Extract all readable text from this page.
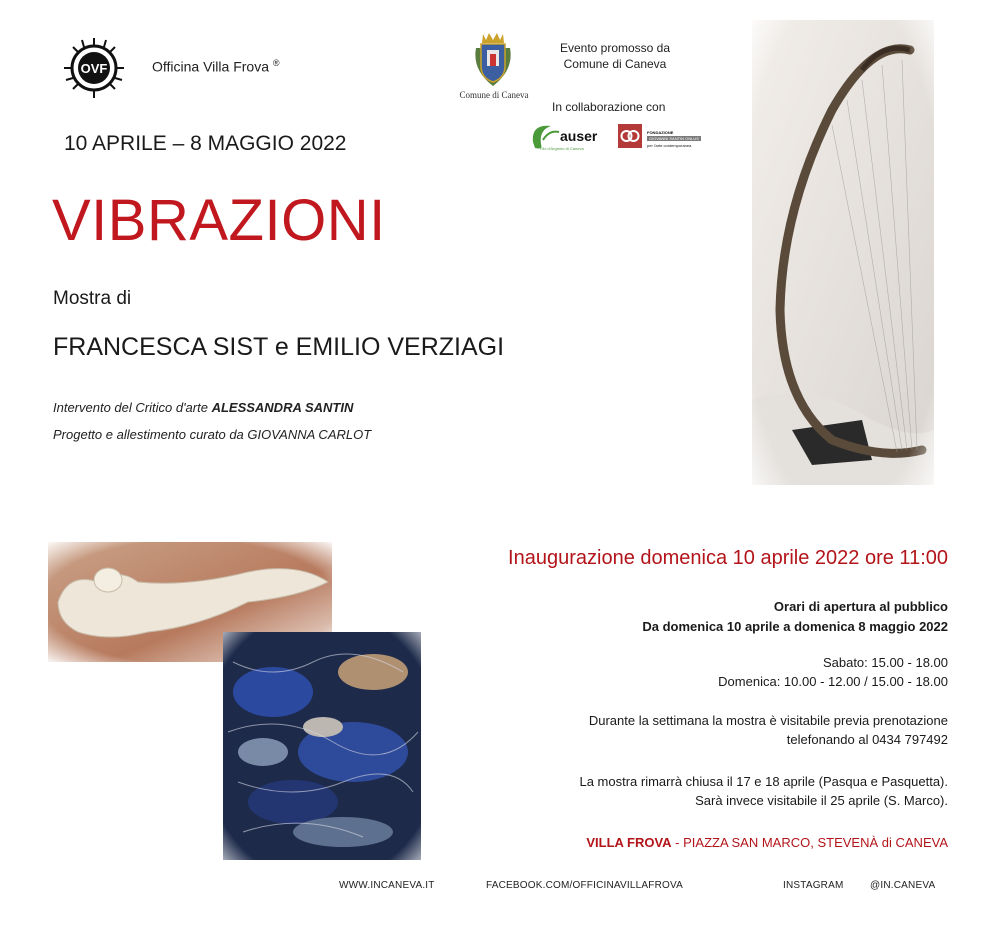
OVF	Officina Villa Frova ®
Comune di Caneva
Evento promosso da
Comune di Caneva
In collaborazione con
auser
Filo d'Argento di Caneva
FONDAZIONE
GIOVANNI SANTIN ONLUS
per l'arte contemporanea
10 APRILE – 8 MAGGIO 2022
VIBRAZIONI
Mostra di
FRANCESCA SIST e EMILIO VERZIAGI
Intervento del Critico d'arte ALESSANDRA SANTIN
Progetto e allestimento curato da GIOVANNA CARLOT
Inaugurazione domenica 10 aprile 2022 ore 11:00
Orari di apertura al pubblico
Da domenica 10 aprile a domenica 8 maggio 2022
Sabato: 15.00 - 18.00
Domenica: 10.00 - 12.00 / 15.00 - 18.00
Durante la settimana la mostra è visitabile previa prenotazione
telefonando al 0434 797492
La mostra rimarrà chiusa il 17 e 18 aprile (Pasqua e Pasquetta).
Sarà invece visitabile il 25 aprile (S. Marco).
VILLA FROVA - PIAZZA SAN MARCO, STEVENÀ di CANEVA
WWW.INCANEVA.IT	FACEBOOK.COM/OFFICINAVILLAFROVA	INSTAGRAM	@IN.CANEVA
